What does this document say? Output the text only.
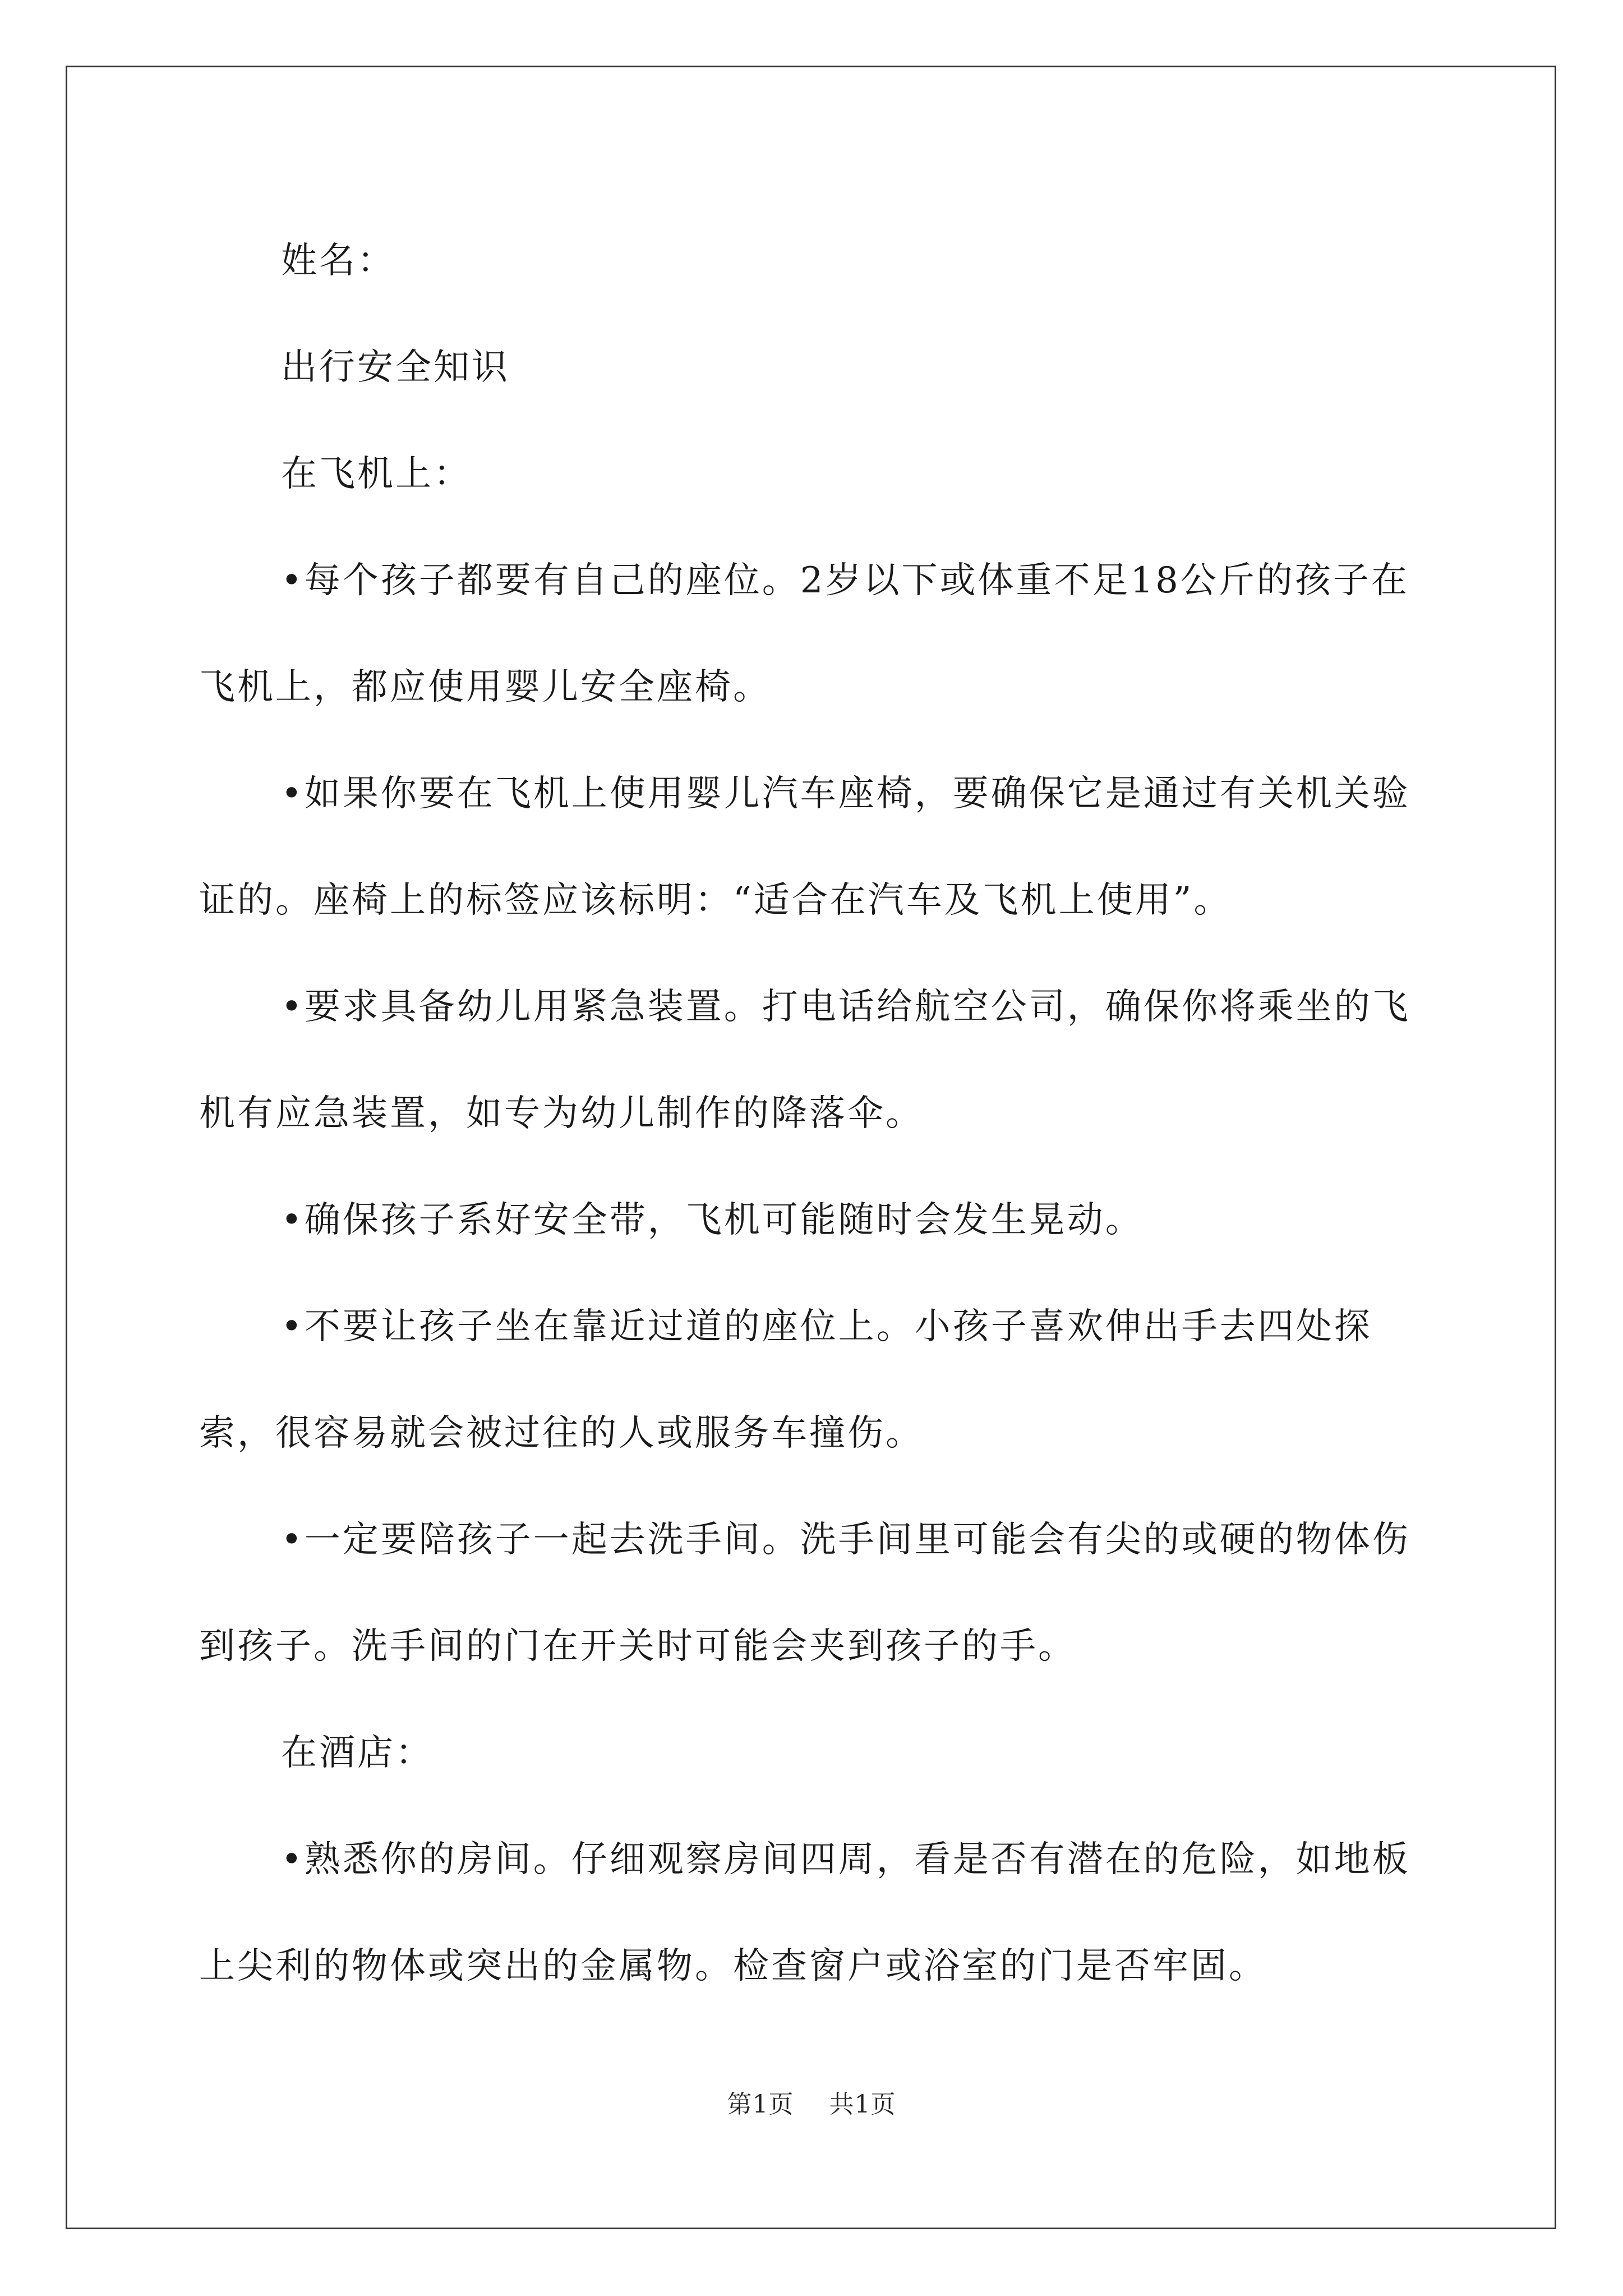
姓名：

出行安全知识

在飞机上：

•每个孩子都要有自己的座位。2岁以下或体重不足18公斤的孩子在飞机上，都应使用婴儿安全座椅。

•如果你要在飞机上使用婴儿汽车座椅，要确保它是通过有关机关验证的。座椅上的标签应该标明：“适合在汽车及飞机上使用”。

•要求具备幼儿用紧急装置。打电话给航空公司，确保你将乘坐的飞机有应急装置，如专为幼儿制作的降落伞。

•确保孩子系好安全带，飞机可能随时会发生晃动。

•不要让孩子坐在靠近过道的座位上。小孩子喜欢伸出手去四处探索，很容易就会被过往的人或服务车撞伤。

•一定要陪孩子一起去洗手间。洗手间里可能会有尖的或硬的物体伤到孩子。洗手间的门在开关时可能会夹到孩子的手。

在酒店：

•熟悉你的房间。仔细观察房间四周，看是否有潜在的危险，如地板上尖利的物体或突出的金属物。检查窗户或浴室的门是否牢固。

第1页 共1页
